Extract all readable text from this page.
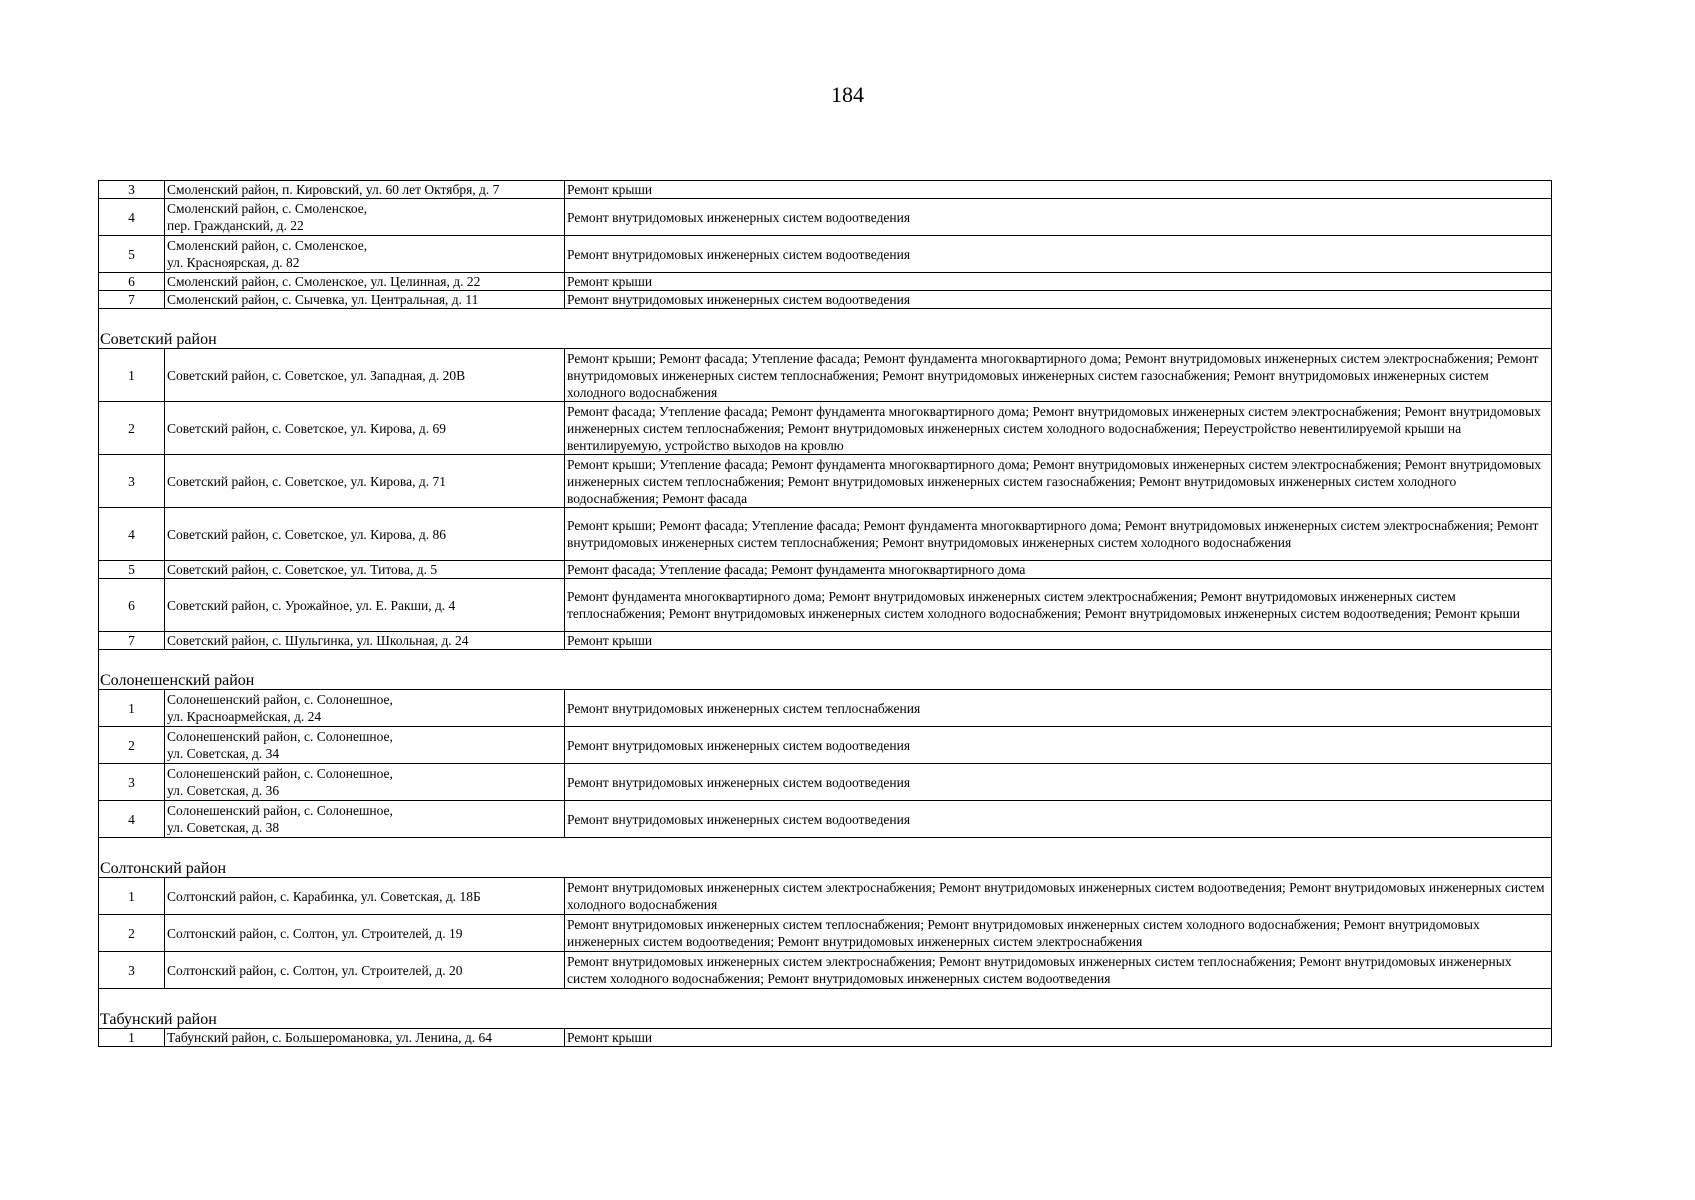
184
3	Смоленский район, п. Кировский, ул. 60 лет Октября, д. 7	Ремонт крыши
4	Смоленский район, с. Смоленское,
пер. Гражданский, д. 22	Ремонт внутридомовых инженерных систем водоотведения
5	Смоленский район, с. Смоленское,
ул. Красноярская, д. 82	Ремонт внутридомовых инженерных систем водоотведения
6	Смоленский район, с. Смоленское, ул. Целинная, д. 22	Ремонт крыши
7	Смоленский район, с. Сычевка, ул. Центральная, д. 11	Ремонт внутридомовых инженерных систем водоотведения

Советский район		
1	Советский район, с. Советское, ул. Западная, д. 20В	Ремонт крыши; Ремонт фасада; Утепление фасада; Ремонт фундамента многоквартирного дома; Ремонт внутридомовых инженерных систем электроснабжения; Ремонт внутридомовых инженерных систем теплоснабжения; Ремонт внутридомовых инженерных систем газоснабжения; Ремонт внутридомовых инженерных систем холодного водоснабжения
2	Советский район, с. Советское, ул. Кирова, д. 69	Ремонт фасада; Утепление фасада; Ремонт фундамента многоквартирного дома; Ремонт внутридомовых инженерных систем электроснабжения; Ремонт внутридомовых инженерных систем теплоснабжения; Ремонт внутридомовых инженерных систем холодного водоснабжения; Переустройство невентилируемой крыши на вентилируемую, устройство выходов на кровлю
3	Советский район, с. Советское, ул. Кирова, д. 71	Ремонт крыши; Утепление фасада; Ремонт фундамента многоквартирного дома; Ремонт внутридомовых инженерных систем электроснабжения; Ремонт внутридомовых инженерных систем теплоснабжения; Ремонт внутридомовых инженерных систем газоснабжения; Ремонт внутридомовых инженерных систем холодного водоснабжения; Ремонт фасада
4	Советский район, с. Советское, ул. Кирова, д. 86	Ремонт крыши; Ремонт фасада; Утепление фасада; Ремонт фундамента многоквартирного дома; Ремонт внутридомовых инженерных систем электроснабжения; Ремонт внутридомовых инженерных систем теплоснабжения; Ремонт внутридомовых инженерных систем холодного водоснабжения
5	Советский район, с. Советское, ул. Титова, д. 5	Ремонт фасада; Утепление фасада; Ремонт фундамента многоквартирного дома
6	Советский район, с. Урожайное, ул. Е. Ракши, д. 4	Ремонт фундамента многоквартирного дома; Ремонт внутридомовых инженерных систем электроснабжения; Ремонт внутридомовых инженерных систем теплоснабжения; Ремонт внутридомовых инженерных систем холодного водоснабжения; Ремонт внутридомовых инженерных систем водоотведения; Ремонт крыши
7	Советский район, с. Шульгинка, ул. Школьная, д. 24	Ремонт крыши

Солонешенский район		
1	Солонешенский район, с. Солонешное,
ул. Красноармейская, д. 24	Ремонт внутридомовых инженерных систем теплоснабжения
2	Солонешенский район, с. Солонешное,
ул. Советская, д. 34	Ремонт внутридомовых инженерных систем водоотведения
3	Солонешенский район, с. Солонешное,
ул. Советская, д. 36	Ремонт внутридомовых инженерных систем водоотведения
4	Солонешенский район, с. Солонешное,
ул. Советская, д. 38	Ремонт внутридомовых инженерных систем водоотведения

Солтонский район		
1	Солтонский район, с. Карабинка, ул. Советская, д. 18Б	Ремонт внутридомовых инженерных систем электроснабжения; Ремонт внутридомовых инженерных систем водоотведения; Ремонт внутридомовых инженерных систем холодного водоснабжения
2	Солтонский район, с. Солтон, ул. Строителей, д. 19	Ремонт внутридомовых инженерных систем теплоснабжения; Ремонт внутридомовых инженерных систем холодного водоснабжения; Ремонт внутридомовых инженерных систем водоотведения; Ремонт внутридомовых инженерных систем электроснабжения
3	Солтонский район, с. Солтон, ул. Строителей, д. 20	Ремонт внутридомовых инженерных систем электроснабжения; Ремонт внутридомовых инженерных систем теплоснабжения; Ремонт внутридомовых инженерных систем холодного водоснабжения; Ремонт внутридомовых инженерных систем водоотведения

Табунский район		
1	Табунский район, с. Большеромановка, ул. Ленина, д. 64	Ремонт крыши
